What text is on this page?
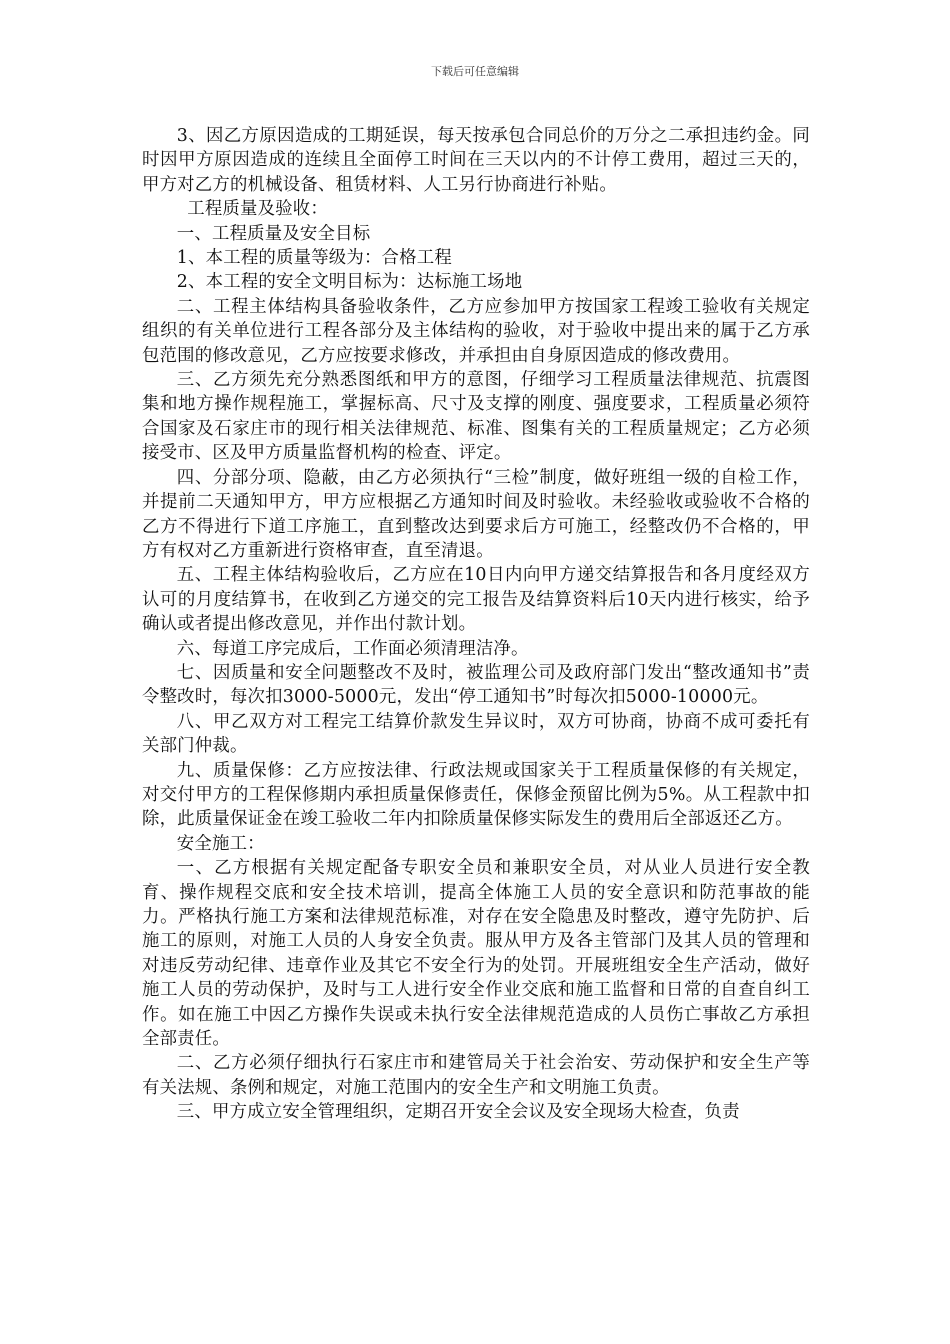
下载后可任意编辑

3、因乙方原因造成的工期延误，每天按承包合同总价的万分之二承担违约金。同时因甲方原因造成的连续且全面停工时间在三天以内的不计停工费用，超过三天的，甲方对乙方的机械设备、租赁材料、人工另行协商进行补贴。

工程质量及验收：

一、工程质量及安全目标

1、本工程的质量等级为：合格工程

2、本工程的安全文明目标为：达标施工场地

二、工程主体结构具备验收条件，乙方应参加甲方按国家工程竣工验收有关规定组织的有关单位进行工程各部分及主体结构的验收，对于验收中提出来的属于乙方承包范围的修改意见，乙方应按要求修改，并承担由自身原因造成的修改费用。

三、乙方须先充分熟悉图纸和甲方的意图，仔细学习工程质量法律规范、抗震图集和地方操作规程施工，掌握标高、尺寸及支撑的刚度、强度要求，工程质量必须符合国家及石家庄市的现行相关法律规范、标准、图集有关的工程质量规定；乙方必须接受市、区及甲方质量监督机构的检查、评定。

四、分部分项、隐蔽，由乙方必须执行“三检”制度，做好班组一级的自检工作，并提前二天通知甲方，甲方应根据乙方通知时间及时验收。未经验收或验收不合格的乙方不得进行下道工序施工，直到整改达到要求后方可施工，经整改仍不合格的，甲方有权对乙方重新进行资格审查，直至清退。

五、工程主体结构验收后，乙方应在10日内向甲方递交结算报告和各月度经双方认可的月度结算书，在收到乙方递交的完工报告及结算资料后10天内进行核实，给予确认或者提出修改意见，并作出付款计划。

六、每道工序完成后，工作面必须清理洁净。

七、因质量和安全问题整改不及时，被监理公司及政府部门发出“整改通知书”责令整改时，每次扣3000-5000元，发出“停工通知书”时每次扣5000-10000元。

八、甲乙双方对工程完工结算价款发生异议时，双方可协商，协商不成可委托有关部门仲裁。

九、质量保修：乙方应按法律、行政法规或国家关于工程质量保修的有关规定，对交付甲方的工程保修期内承担质量保修责任，保修金预留比例为5%。从工程款中扣除，此质量保证金在竣工验收二年内扣除质量保修实际发生的费用后全部返还乙方。

安全施工：

一、乙方根据有关规定配备专职安全员和兼职安全员，对从业人员进行安全教育、操作规程交底和安全技术培训，提高全体施工人员的安全意识和防范事故的能力。严格执行施工方案和法律规范标准，对存在安全隐患及时整改，遵守先防护、后施工的原则，对施工人员的人身安全负责。服从甲方及各主管部门及其人员的管理和对违反劳动纪律、违章作业及其它不安全行为的处罚。开展班组安全生产活动，做好施工人员的劳动保护，及时与工人进行安全作业交底和施工监督和日常的自查自纠工作。如在施工中因乙方操作失误或未执行安全法律规范造成的人员伤亡事故乙方承担全部责任。

二、乙方必须仔细执行石家庄市和建管局关于社会治安、劳动保护和安全生产等有关法规、条例和规定，对施工范围内的安全生产和文明施工负责。

三、甲方成立安全管理组织，定期召开安全会议及安全现场大检查，负责
